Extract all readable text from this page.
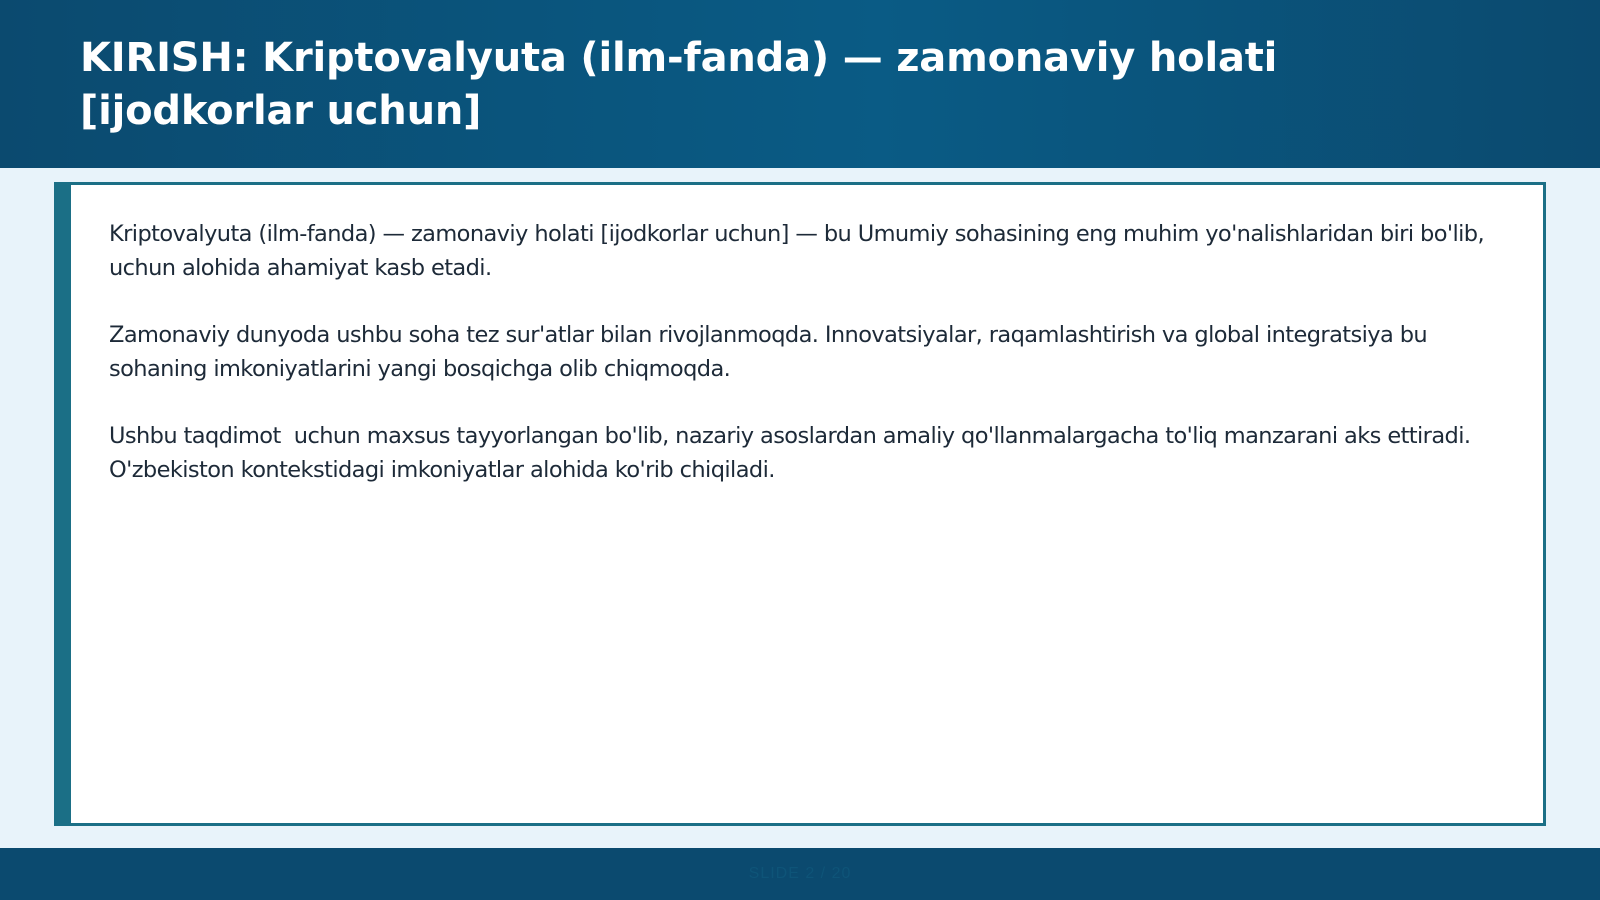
KIRISH: Kriptovalyuta (ilm-fanda) — zamonaviy holati [ijodkorlar uchun]

Kriptovalyuta (ilm-fanda) — zamonaviy holati [ijodkorlar uchun] — bu Umumiy sohasining eng muhim yo'nalishlaridan biri bo'lib,  uchun alohida ahamiyat kasb etadi.

Zamonaviy dunyoda ushbu soha tez sur'atlar bilan rivojlanmoqda. Innovatsiyalar, raqamlashtirish va global integratsiya bu sohaning imkoniyatlarini yangi bosqichga olib chiqmoqda.

Ushbu taqdimot  uchun maxsus tayyorlangan bo'lib, nazariy asoslardan amaliy qo'llanmalargacha to'liq manzarani aks ettiradi. O'zbekiston kontekstidagi imkoniyatlar alohida ko'rib chiqiladi.

SLIDE 2 / 20
